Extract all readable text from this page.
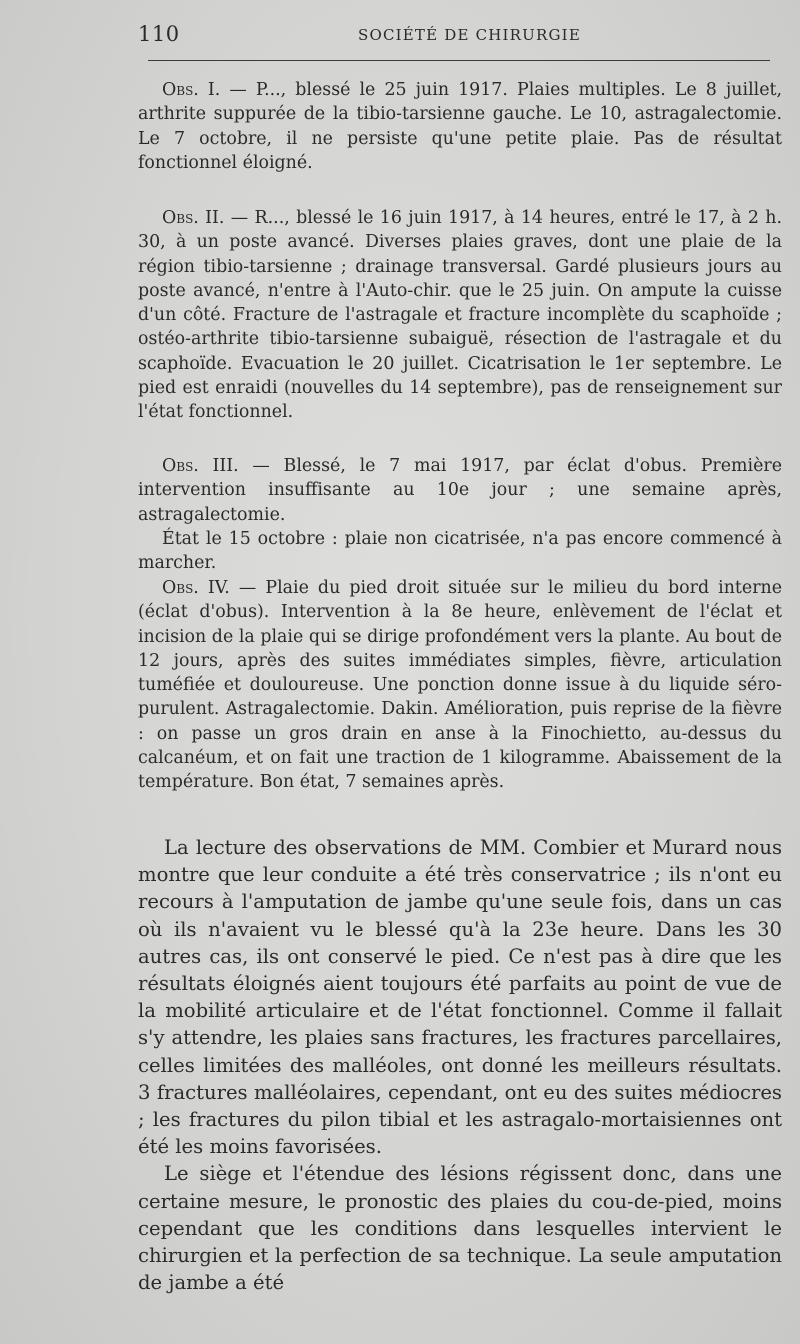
110	SOCIÉTÉ DE CHIRURGIE

Obs. I. — P..., blessé le 25 juin 1917. Plaies multiples. Le 8 juillet, arthrite suppurée de la tibio-tarsienne gauche. Le 10, astragalectomie. Le 7 octobre, il ne persiste qu'une petite plaie. Pas de résultat fonctionnel éloigné.

Obs. II. — R..., blessé le 16 juin 1917, à 14 heures, entré le 17, à 2 h. 30, à un poste avancé. Diverses plaies graves, dont une plaie de la région tibio-tarsienne ; drainage transversal. Gardé plusieurs jours au poste avancé, n'entre à l'Auto-chir. que le 25 juin. On ampute la cuisse d'un côté. Fracture de l'astragale et fracture incomplète du scaphoïde ; ostéo-arthrite tibio-tarsienne subaiguë, résection de l'astragale et du scaphoïde. Evacuation le 20 juillet. Cicatrisation le 1er septembre. Le pied est enraidi (nouvelles du 14 septembre), pas de renseignement sur l'état fonctionnel.

Obs. III. — Blessé, le 7 mai 1917, par éclat d'obus. Première intervention insuffisante au 10e jour ; une semaine après, astragalectomie.

État le 15 octobre : plaie non cicatrisée, n'a pas encore commencé à marcher.

Obs. IV. — Plaie du pied droit située sur le milieu du bord interne (éclat d'obus). Intervention à la 8e heure, enlèvement de l'éclat et incision de la plaie qui se dirige profondément vers la plante. Au bout de 12 jours, après des suites immédiates simples, fièvre, articulation tuméfiée et douloureuse. Une ponction donne issue à du liquide séro-purulent. Astragalectomie. Dakin. Amélioration, puis reprise de la fièvre : on passe un gros drain en anse à la Finochietto, au-dessus du calcanéum, et on fait une traction de 1 kilogramme. Abaissement de la température. Bon état, 7 semaines après.

La lecture des observations de MM. Combier et Murard nous montre que leur conduite a été très conservatrice ; ils n'ont eu recours à l'amputation de jambe qu'une seule fois, dans un cas où ils n'avaient vu le blessé qu'à la 23e heure. Dans les 30 autres cas, ils ont conservé le pied. Ce n'est pas à dire que les résultats éloignés aient toujours été parfaits au point de vue de la mobilité articulaire et de l'état fonctionnel. Comme il fallait s'y attendre, les plaies sans fractures, les fractures parcellaires, celles limitées des malléoles, ont donné les meilleurs résultats. 3 fractures malléolaires, cependant, ont eu des suites médiocres ; les fractures du pilon tibial et les astragalo-mortaisiennes ont été les moins favorisées.

Le siège et l'étendue des lésions régissent donc, dans une certaine mesure, le pronostic des plaies du cou-de-pied, moins cependant que les conditions dans lesquelles intervient le chirurgien et la perfection de sa technique. La seule amputation de jambe a été
